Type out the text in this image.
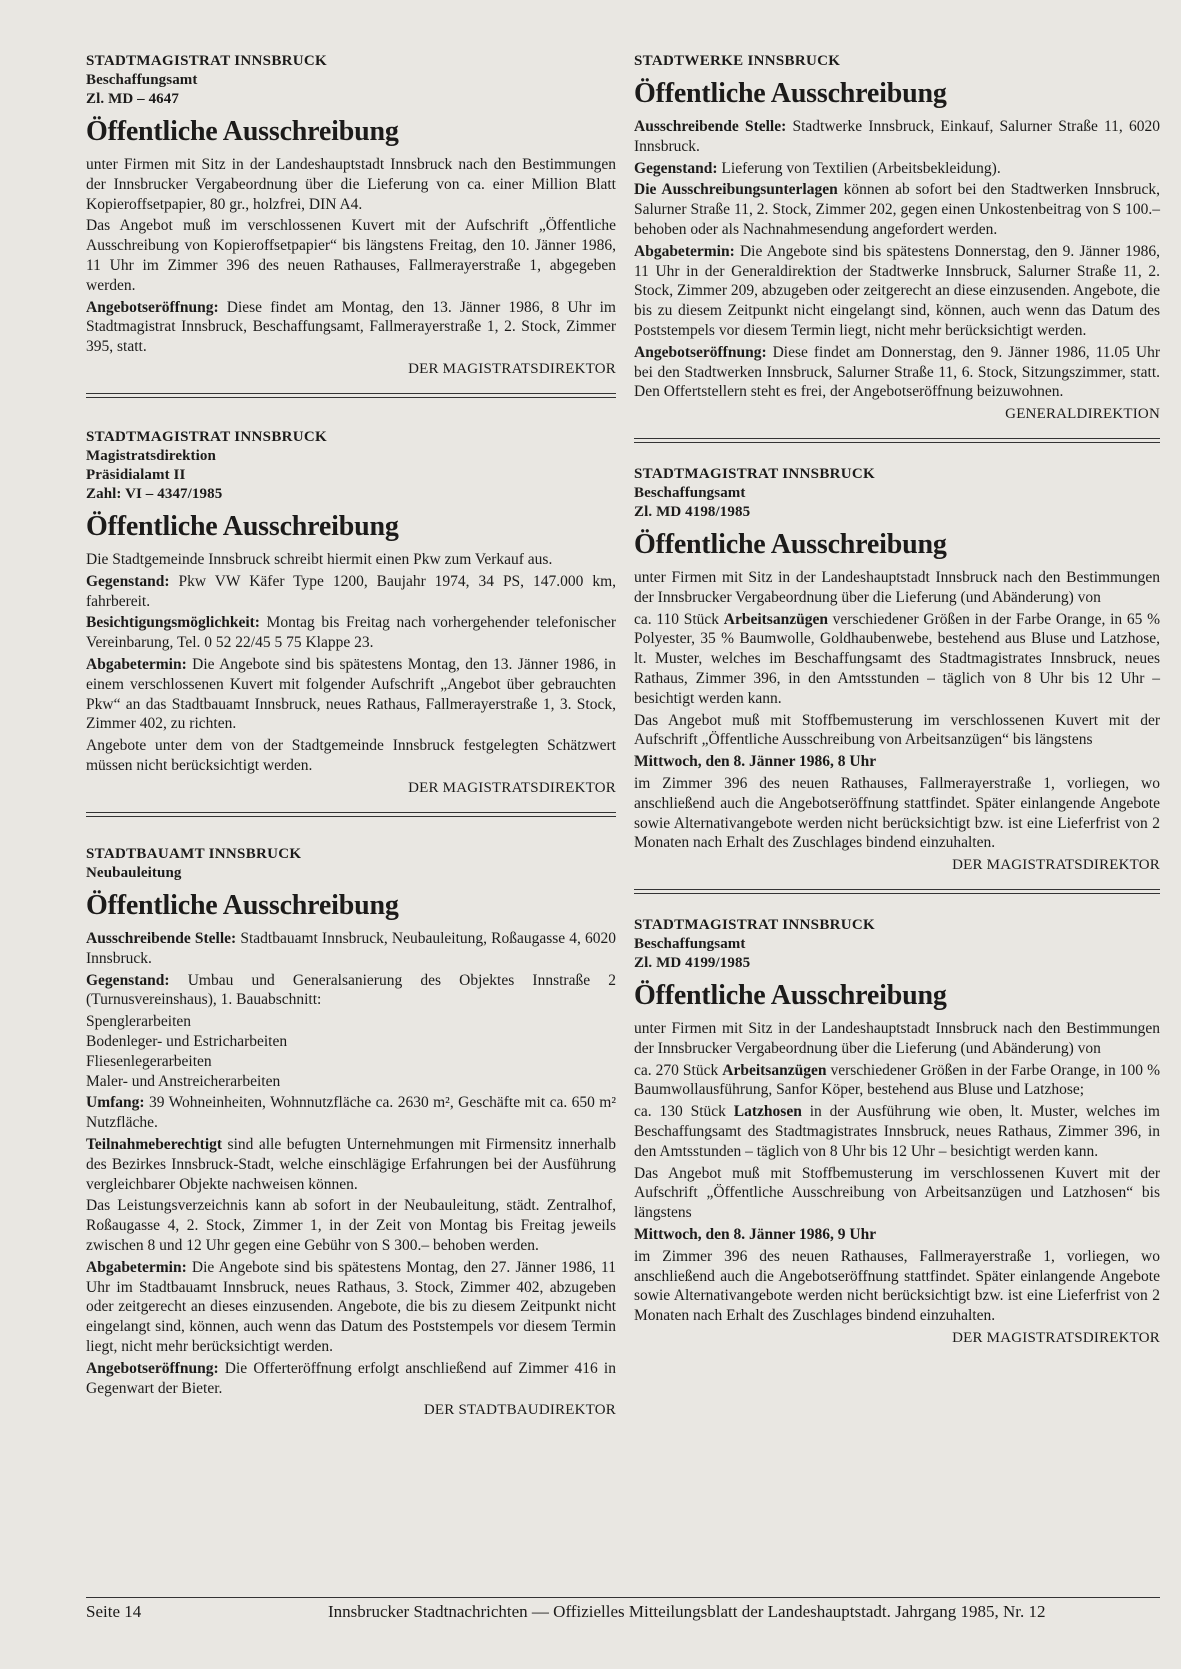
STADTMAGISTRAT INNSBRUCK
Beschaffungsamt
Zl. MD – 4647
Öffentliche Ausschreibung
unter Firmen mit Sitz in der Landeshauptstadt Innsbruck nach den Bestimmungen der Innsbrucker Vergabeordnung über die Lieferung von ca. einer Million Blatt Kopieroffsetpapier, 80 gr., holzfrei, DIN A4.
Das Angebot muß im verschlossenen Kuvert mit der Aufschrift „Öffentliche Ausschreibung von Kopieroffsetpapier“ bis längstens Freitag, den 10. Jänner 1986, 11 Uhr im Zimmer 396 des neuen Rathauses, Fallmerayerstraße 1, abgegeben werden.
Angebotseröffnung: Diese findet am Montag, den 13. Jänner 1986, 8 Uhr im Stadtmagistrat Innsbruck, Beschaffungsamt, Fallmerayerstraße 1, 2. Stock, Zimmer 395, statt.
DER MAGISTRATSDIREKTOR
STADTMAGISTRAT INNSBRUCK
Magistratsdirektion
Präsidialamt II
Zahl: VI – 4347/1985
Öffentliche Ausschreibung
Die Stadtgemeinde Innsbruck schreibt hiermit einen Pkw zum Verkauf aus.
Gegenstand: Pkw VW Käfer Type 1200, Baujahr 1974, 34 PS, 147.000 km, fahrbereit.
Besichtigungsmöglichkeit: Montag bis Freitag nach vorhergehender telefonischer Vereinbarung, Tel. 0 52 22/45 5 75 Klappe 23.
Abgabetermin: Die Angebote sind bis spätestens Montag, den 13. Jänner 1986, in einem verschlossenen Kuvert mit folgender Aufschrift „Angebot über gebrauchten Pkw“ an das Stadtbauamt Innsbruck, neues Rathaus, Fallmerayerstraße 1, 3. Stock, Zimmer 402, zu richten.
Angebote unter dem von der Stadtgemeinde Innsbruck festgelegten Schätzwert müssen nicht berücksichtigt werden.
DER MAGISTRATSDIREKTOR
STADTBAUAMT INNSBRUCK
Neubauleitung
Öffentliche Ausschreibung
Ausschreibende Stelle: Stadtbauamt Innsbruck, Neubauleitung, Roßaugasse 4, 6020 Innsbruck.
Gegenstand: Umbau und Generalsanierung des Objektes Innstraße 2 (Turnusvereinshaus), 1. Bauabschnitt:
Spenglerarbeiten
Bodenleger- und Estricharbeiten
Fliesenlegerarbeiten
Maler- und Anstreicherarbeiten
Umfang: 39 Wohneinheiten, Wohnnutzfläche ca. 2630 m², Geschäfte mit ca. 650 m² Nutzfläche.
Teilnahmeberechtigt sind alle befugten Unternehmungen mit Firmensitz innerhalb des Bezirkes Innsbruck-Stadt, welche einschlägige Erfahrungen bei der Ausführung vergleichbarer Objekte nachweisen können.
Das Leistungsverzeichnis kann ab sofort in der Neubauleitung, städt. Zentralhof, Roßaugasse 4, 2. Stock, Zimmer 1, in der Zeit von Montag bis Freitag jeweils zwischen 8 und 12 Uhr gegen eine Gebühr von S 300.– behoben werden.
Abgabetermin: Die Angebote sind bis spätestens Montag, den 27. Jänner 1986, 11 Uhr im Stadtbauamt Innsbruck, neues Rathaus, 3. Stock, Zimmer 402, abzugeben oder zeitgerecht an dieses einzusenden. Angebote, die bis zu diesem Zeitpunkt nicht eingelangt sind, können, auch wenn das Datum des Poststempels vor diesem Termin liegt, nicht mehr berücksichtigt werden.
Angebotseröffnung: Die Offerteröffnung erfolgt anschließend auf Zimmer 416 in Gegenwart der Bieter.
DER STADTBAUDIREKTOR
STADTWERKE INNSBRUCK
Öffentliche Ausschreibung
Ausschreibende Stelle: Stadtwerke Innsbruck, Einkauf, Salurner Straße 11, 6020 Innsbruck.
Gegenstand: Lieferung von Textilien (Arbeitsbekleidung).
Die Ausschreibungsunterlagen können ab sofort bei den Stadtwerken Innsbruck, Salurner Straße 11, 2. Stock, Zimmer 202, gegen einen Unkostenbeitrag von S 100.– behoben oder als Nachnahmesendung angefordert werden.
Abgabetermin: Die Angebote sind bis spätestens Donnerstag, den 9. Jänner 1986, 11 Uhr in der Generaldirektion der Stadtwerke Innsbruck, Salurner Straße 11, 2. Stock, Zimmer 209, abzugeben oder zeitgerecht an diese einzusenden. Angebote, die bis zu diesem Zeitpunkt nicht eingelangt sind, können, auch wenn das Datum des Poststempels vor diesem Termin liegt, nicht mehr berücksichtigt werden.
Angebotseröffnung: Diese findet am Donnerstag, den 9. Jänner 1986, 11.05 Uhr bei den Stadtwerken Innsbruck, Salurner Straße 11, 6. Stock, Sitzungszimmer, statt. Den Offertstellern steht es frei, der Angebotseröffnung beizuwohnen.
GENERALDIREKTION
STADTMAGISTRAT INNSBRUCK
Beschaffungsamt
Zl. MD 4198/1985
Öffentliche Ausschreibung
unter Firmen mit Sitz in der Landeshauptstadt Innsbruck nach den Bestimmungen der Innsbrucker Vergabeordnung über die Lieferung (und Abänderung) von
ca. 110 Stück Arbeitsanzügen verschiedener Größen in der Farbe Orange, in 65 % Polyester, 35 % Baumwolle, Goldhaubenwebe, bestehend aus Bluse und Latzhose, lt. Muster, welches im Beschaffungsamt des Stadtmagistrates Innsbruck, neues Rathaus, Zimmer 396, in den Amtsstunden – täglich von 8 Uhr bis 12 Uhr – besichtigt werden kann.
Das Angebot muß mit Stoffbemusterung im verschlossenen Kuvert mit der Aufschrift „Öffentliche Ausschreibung von Arbeitsanzügen“ bis längstens
Mittwoch, den 8. Jänner 1986, 8 Uhr
im Zimmer 396 des neuen Rathauses, Fallmerayerstraße 1, vorliegen, wo anschließend auch die Angebotseröffnung stattfindet. Später einlangende Angebote sowie Alternativangebote werden nicht berücksichtigt bzw. ist eine Lieferfrist von 2 Monaten nach Erhalt des Zuschlages bindend einzuhalten.
DER MAGISTRATSDIREKTOR
STADTMAGISTRAT INNSBRUCK
Beschaffungsamt
Zl. MD 4199/1985
Öffentliche Ausschreibung
unter Firmen mit Sitz in der Landeshauptstadt Innsbruck nach den Bestimmungen der Innsbrucker Vergabeordnung über die Lieferung (und Abänderung) von
ca. 270 Stück Arbeitsanzügen verschiedener Größen in der Farbe Orange, in 100 % Baumwollausführung, Sanfor Köper, bestehend aus Bluse und Latzhose;
ca. 130 Stück Latzhosen in der Ausführung wie oben, lt. Muster, welches im Beschaffungsamt des Stadtmagistrates Innsbruck, neues Rathaus, Zimmer 396, in den Amtsstunden – täglich von 8 Uhr bis 12 Uhr – besichtigt werden kann.
Das Angebot muß mit Stoffbemusterung im verschlossenen Kuvert mit der Aufschrift „Öffentliche Ausschreibung von Arbeitsanzügen und Latzhosen“ bis längstens
Mittwoch, den 8. Jänner 1986, 9 Uhr
im Zimmer 396 des neuen Rathauses, Fallmerayerstraße 1, vorliegen, wo anschließend auch die Angebotseröffnung stattfindet. Später einlangende Angebote sowie Alternativangebote werden nicht berücksichtigt bzw. ist eine Lieferfrist von 2 Monaten nach Erhalt des Zuschlages bindend einzuhalten.
DER MAGISTRATSDIREKTOR
Seite 14	Innsbrucker Stadtnachrichten — Offizielles Mitteilungsblatt der Landeshauptstadt. Jahrgang 1985, Nr. 12
